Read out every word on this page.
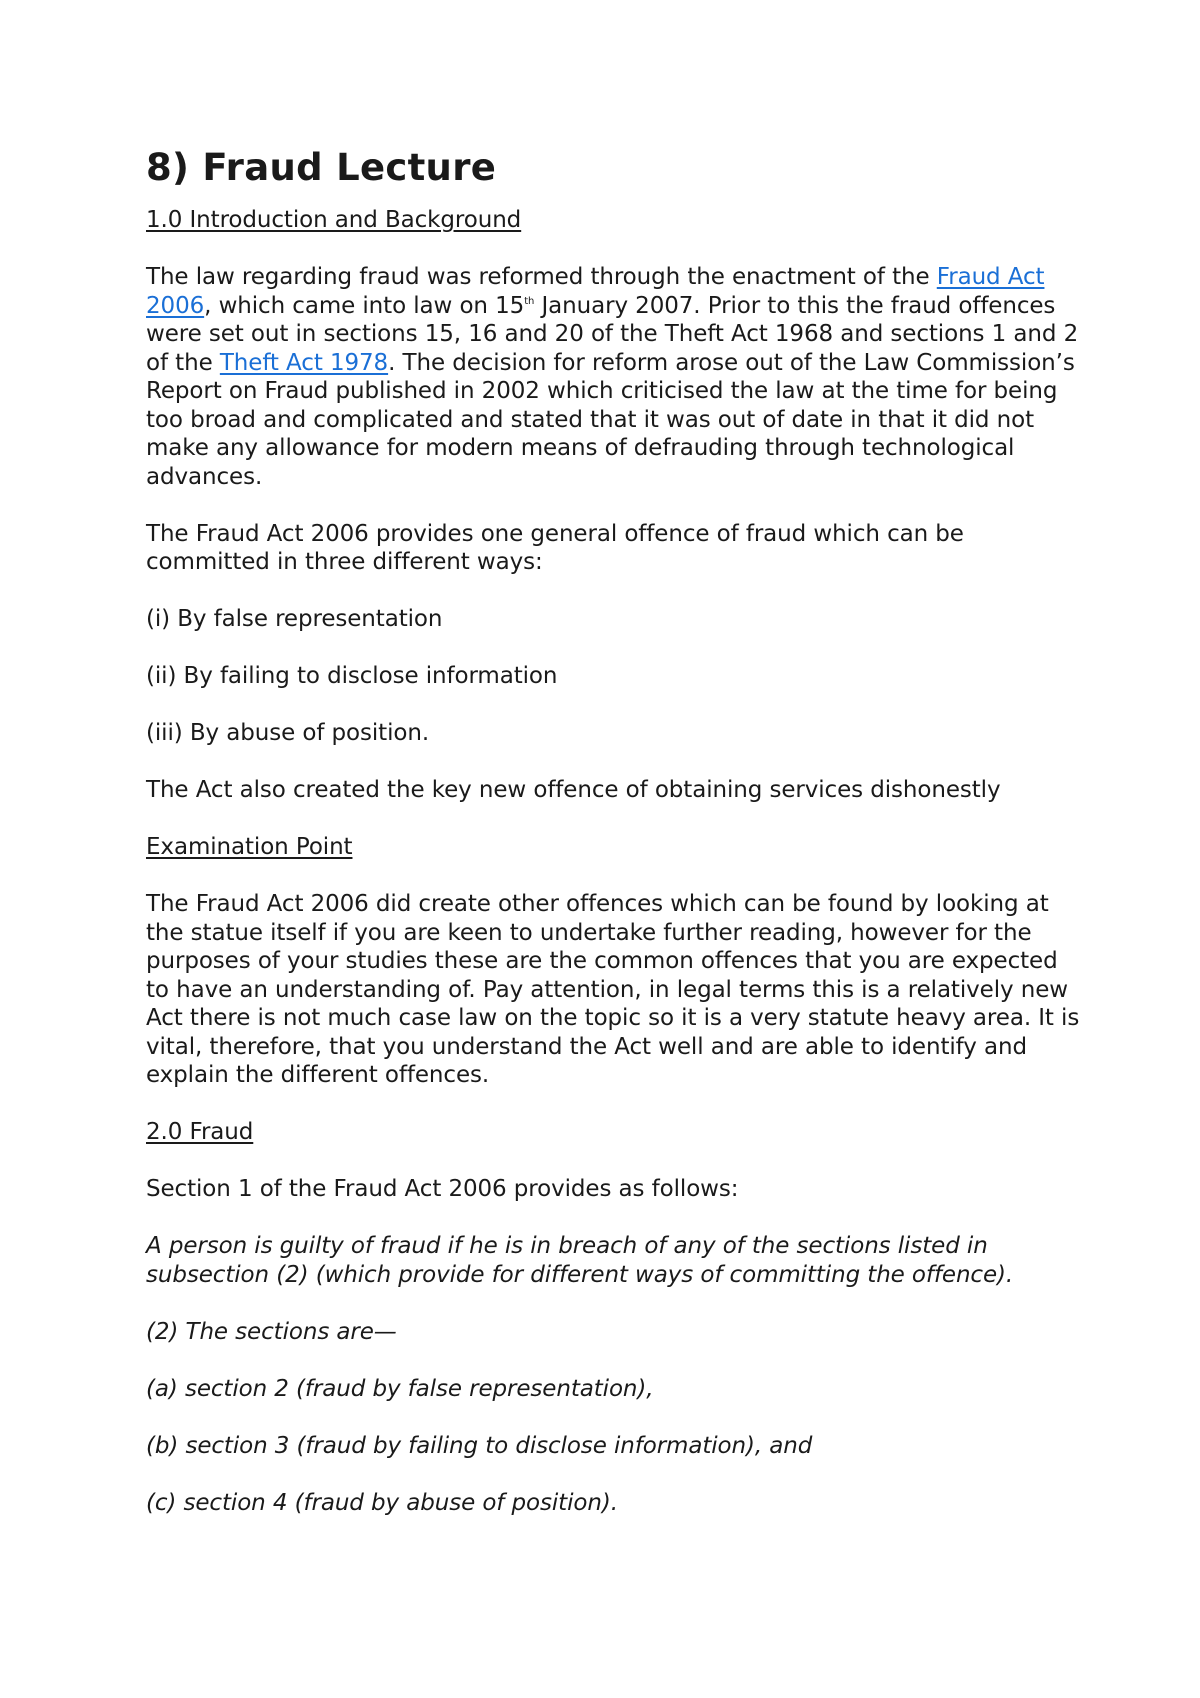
8) Fraud Lecture

1.0 Introduction and Background

The law regarding fraud was reformed through the enactment of the Fraud Act 2006, which came into law on 15th January 2007. Prior to this the fraud offences were set out in sections 15, 16 and 20 of the Theft Act 1968 and sections 1 and 2 of the Theft Act 1978. The decision for reform arose out of the Law Commission’s Report on Fraud published in 2002 which criticised the law at the time for being too broad and complicated and stated that it was out of date in that it did not make any allowance for modern means of defrauding through technological advances.

The Fraud Act 2006 provides one general offence of fraud which can be committed in three different ways:

(i) By false representation

(ii) By failing to disclose information

(iii) By abuse of position.

The Act also created the key new offence of obtaining services dishonestly

Examination Point

The Fraud Act 2006 did create other offences which can be found by looking at the statue itself if you are keen to undertake further reading, however for the purposes of your studies these are the common offences that you are expected to have an understanding of. Pay attention, in legal terms this is a relatively new Act there is not much case law on the topic so it is a very statute heavy area. It is vital, therefore, that you understand the Act well and are able to identify and explain the different offences.

2.0 Fraud

Section 1 of the Fraud Act 2006 provides as follows:

A person is guilty of fraud if he is in breach of any of the sections listed in subsection (2) (which provide for different ways of committing the offence).

(2) The sections are—

(a) section 2 (fraud by false representation),

(b) section 3 (fraud by failing to disclose information), and

(c) section 4 (fraud by abuse of position).
